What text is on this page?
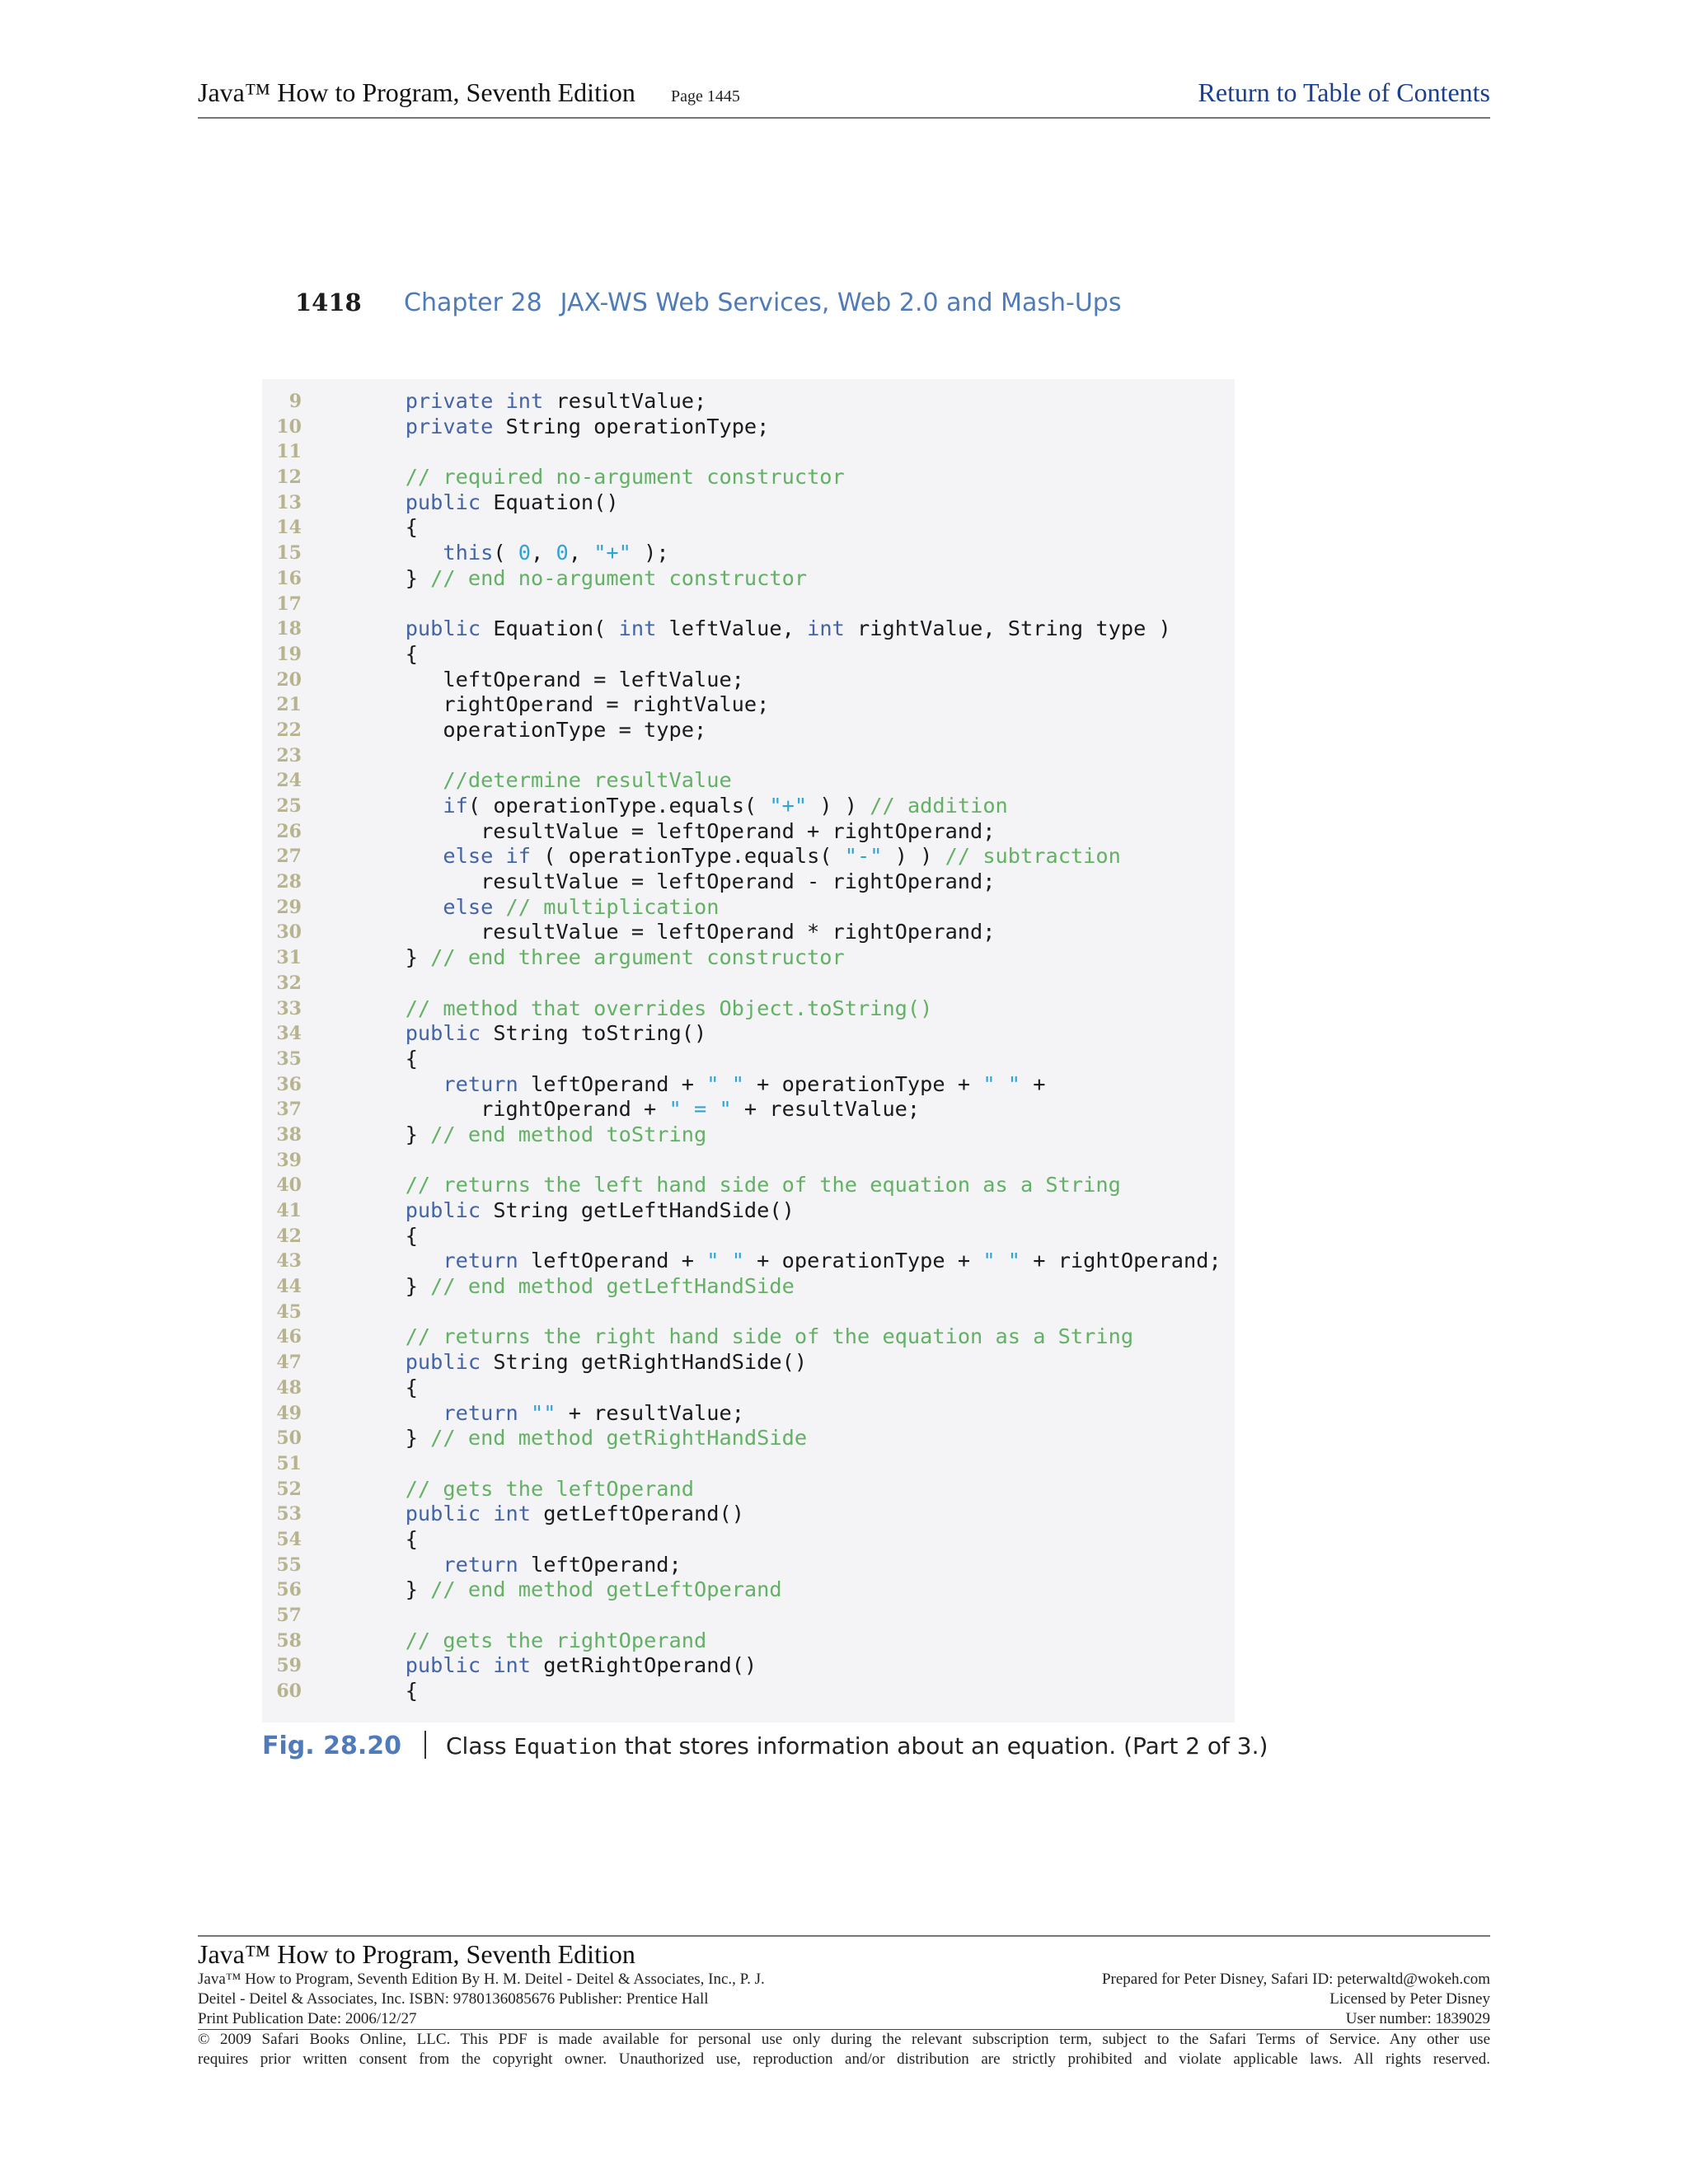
Java™ How to Program, Seventh Edition Page 1445	Return to Table of Contents
1418 Chapter 28 JAX-WS Web Services, Web 2.0 and Mash-Ups
9	private int resultValue;
10	private String operationType;
11
12	// required no-argument constructor
13	public Equation()
14	{
15	this( 0, 0, "+" );
16	} // end no-argument constructor
17
18	public Equation( int leftValue, int rightValue, String type )
19	{
20	leftOperand = leftValue;
21	rightOperand = rightValue;
22	operationType = type;
23
24	//determine resultValue
25	if( operationType.equals( "+" ) ) // addition
26	resultValue = leftOperand + rightOperand;
27	else if ( operationType.equals( "-" ) ) // subtraction
28	resultValue = leftOperand - rightOperand;
29	else // multiplication
30	resultValue = leftOperand * rightOperand;
31	} // end three argument constructor
32
33	// method that overrides Object.toString()
34	public String toString()
35	{
36	return leftOperand + " " + operationType + " " +
37	rightOperand + " = " + resultValue;
38	} // end method toString
39
40	// returns the left hand side of the equation as a String
41	public String getLeftHandSide()
42	{
43	return leftOperand + " " + operationType + " " + rightOperand;
44	} // end method getLeftHandSide
45
46	// returns the right hand side of the equation as a String
47	public String getRightHandSide()
48	{
49	return "" + resultValue;
50	} // end method getRightHandSide
51
52	// gets the leftOperand
53	public int getLeftOperand()
54	{
55	return leftOperand;
56	} // end method getLeftOperand
57
58	// gets the rightOperand
59	public int getRightOperand()
60	{
Fig. 28.20 Class Equation that stores information about an equation. (Part 2 of 3.)
Java™ How to Program, Seventh Edition
Java™ How to Program, Seventh Edition By H. M. Deitel - Deitel & Associates, Inc., P. J.	Prepared for Peter Disney, Safari ID: peterwaltd@wokeh.com
Deitel - Deitel & Associates, Inc. ISBN: 9780136085676 Publisher: Prentice Hall	Licensed by Peter Disney
Print Publication Date: 2006/12/27	User number: 1839029
© 2009 Safari Books Online, LLC. This PDF is made available for personal use only during the relevant subscription term, subject to the Safari Terms of Service. Any other use
requires prior written consent from the copyright owner. Unauthorized use, reproduction and/or distribution are strictly prohibited and violate applicable laws. All rights reserved.
